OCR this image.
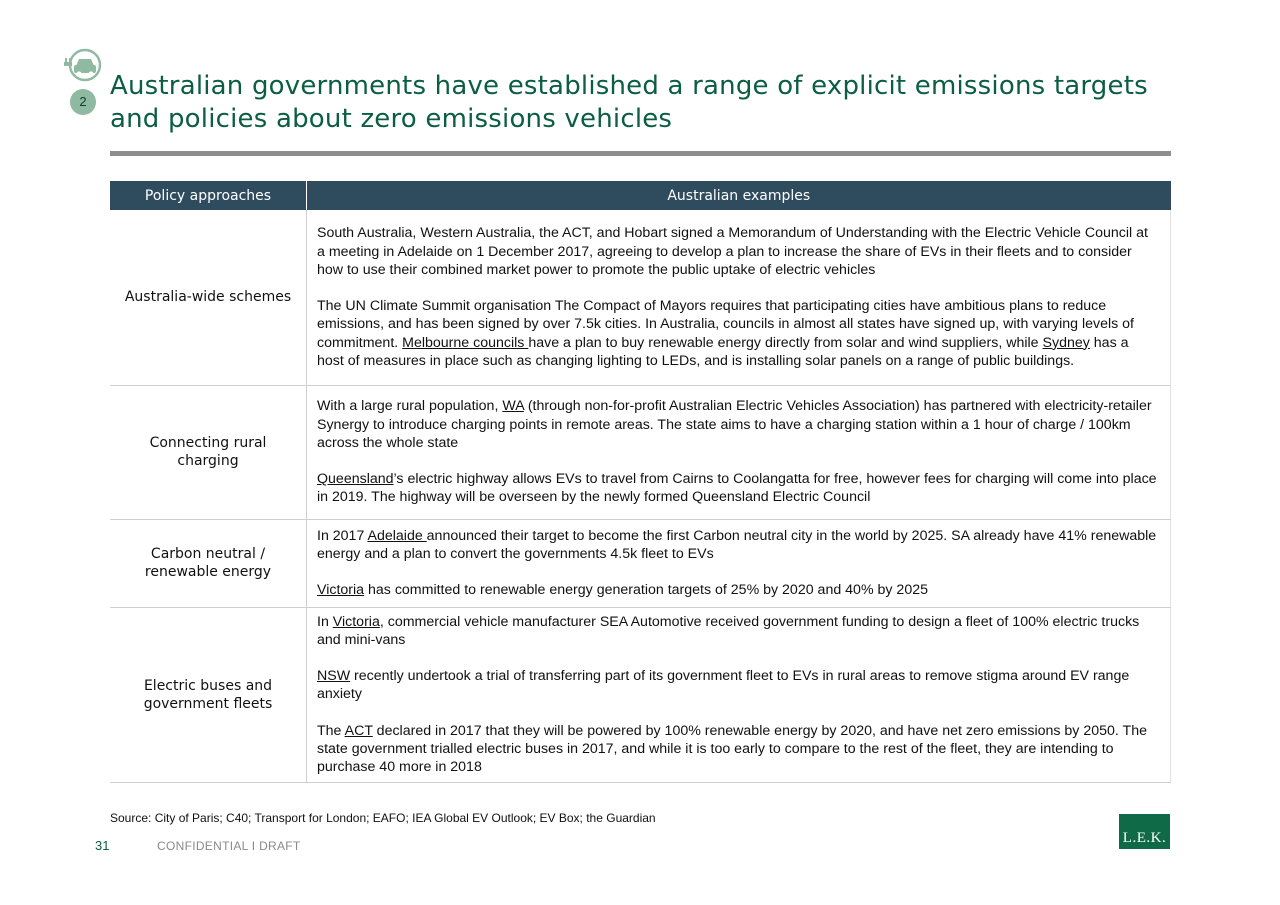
2
Australian governments have established a range of explicit emissions targets and policies about zero emissions vehicles
Policy approaches	Australian examples
Australia-wide schemes	South Australia, Western Australia, the ACT, and Hobart signed a Memorandum of Understanding with the Electric Vehicle Council at a meeting in Adelaide on 1 December 2017, agreeing to develop a plan to increase the share of EVs in their fleets and to consider how to use their combined market power to promote the public uptake of electric vehicles

The UN Climate Summit organisation The Compact of Mayors requires that participating cities have ambitious plans to reduce emissions, and has been signed by over 7.5k cities. In Australia, councils in almost all states have signed up, with varying levels of commitment. Melbourne councils have a plan to buy renewable energy directly from solar and wind suppliers, while Sydney has a host of measures in place such as changing lighting to LEDs, and is installing solar panels on a range of public buildings.

Connecting rural charging	With a large rural population, WA (through non-for-profit Australian Electric Vehicles Association) has partnered with electricity-retailer Synergy to introduce charging points in remote areas. The state aims to have a charging station within a 1 hour of charge / 100km across the whole state

Queensland’s electric highway allows EVs to travel from Cairns to Coolangatta for free, however fees for charging will come into place in 2019. The highway will be overseen by the newly formed Queensland Electric Council

Carbon neutral / renewable energy	In 2017 Adelaide announced their target to become the first Carbon neutral city in the world by 2025. SA already have 41% renewable energy and a plan to convert the governments 4.5k fleet to EVs

Victoria has committed to renewable energy generation targets of 25% by 2020 and 40% by 2025

Electric buses and government fleets	In Victoria, commercial vehicle manufacturer SEA Automotive received government funding to design a fleet of 100% electric trucks and mini-vans

NSW recently undertook a trial of transferring part of its government fleet to EVs in rural areas to remove stigma around EV range anxiety

The ACT declared in 2017 that they will be powered by 100% renewable energy by 2020, and have net zero emissions by 2050. The state government trialled electric buses in 2017, and while it is too early to compare to the rest of the fleet, they are intending to purchase 40 more in 2018

Source: City of Paris; C40; Transport for London; EAFO; IEA Global EV Outlook; EV Box; the Guardian
31	CONFIDENTIAL I DRAFT	L.E.K.
